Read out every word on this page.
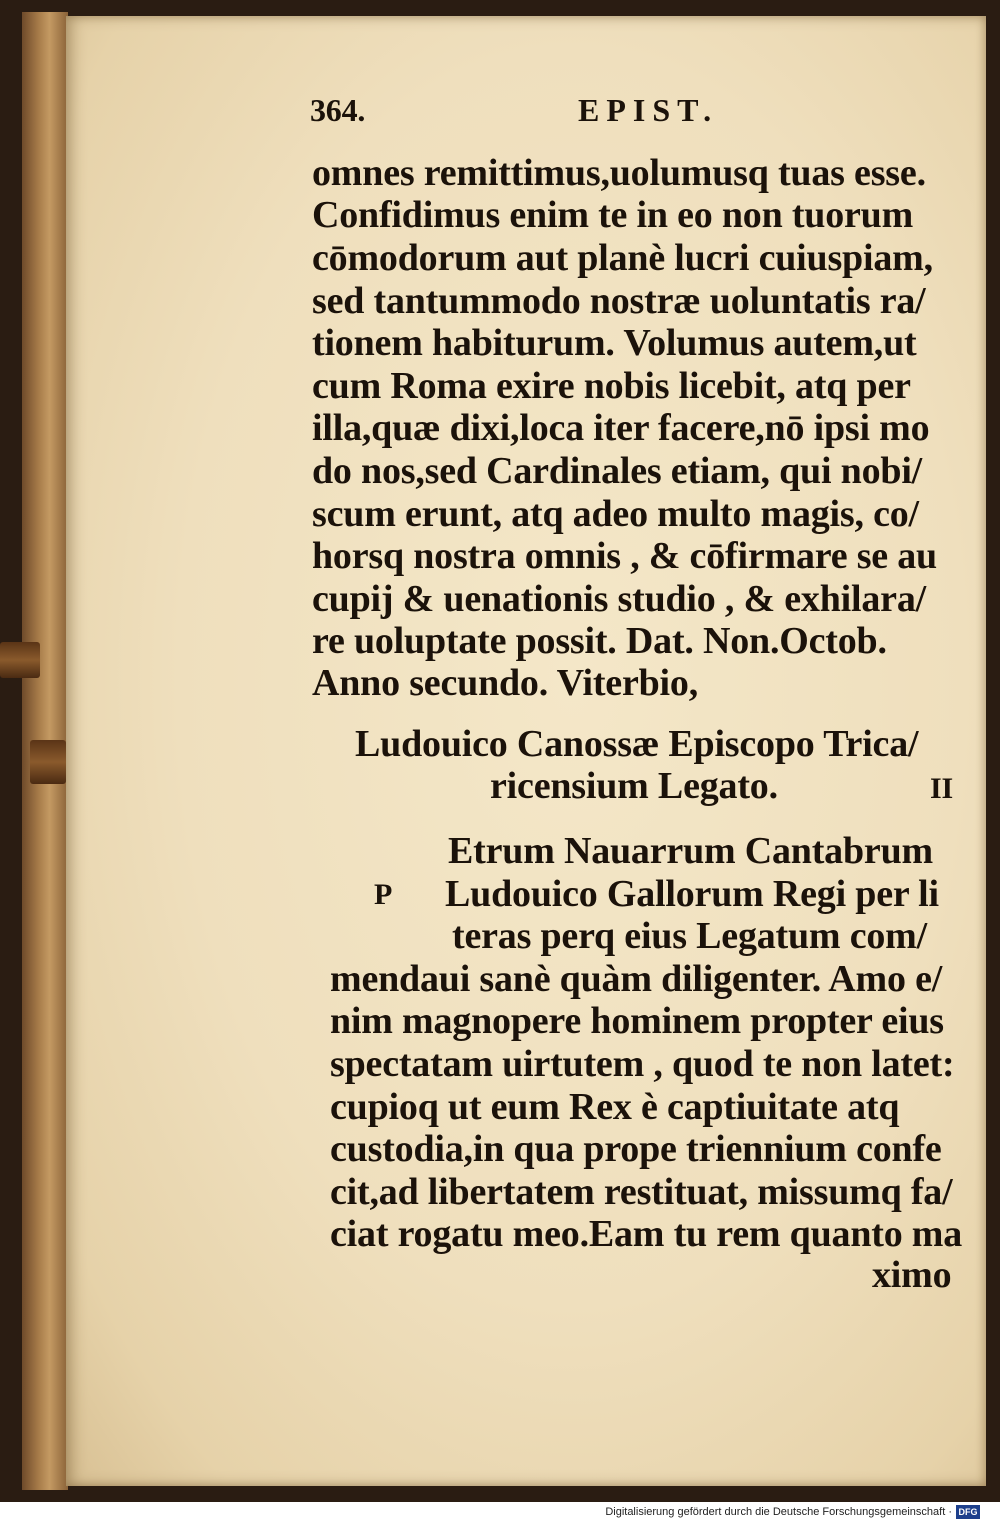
364.	EPIST.
omnes remittimus,uolumusq tuas esse.
Confidimus enim te in eo non tuorum
cōmodorum aut planè lucri cuiuspiam,
sed tantummodo nostræ uoluntatis ra/
tionem habiturum. Volumus autem,ut
cum Roma exire nobis licebit, atq per
illa,quæ dixi,loca iter facere,nō ipsi mo
do nos,sed Cardinales etiam, qui nobi/
scum erunt, atq adeo multo magis, co/
horsq nostra omnis , & cōfirmare se au
cupij & uenationis studio , & exhilara/
re uoluptate possit. Dat. Non.Octob.
Anno secundo. Viterbio,
Ludouico Canossæ Episcopo Trica/
ricensium Legato.	II
P
Etrum Nauarrum Cantabrum
Ludouico Gallorum Regi per li
teras perq eius Legatum com/
mendaui sanè quàm diligenter. Amo e/
nim magnopere hominem propter eius
spectatam uirtutem , quod te non latet:
cupioq ut eum Rex è captiuitate atq
custodia,in qua prope triennium confe
cit,ad libertatem restituat, missumq fa/
ciat rogatu meo.Eam tu rem quanto ma
ximo
Digitalisierung gefördert durch die Deutsche Forschungsgemeinschaft · DFG
